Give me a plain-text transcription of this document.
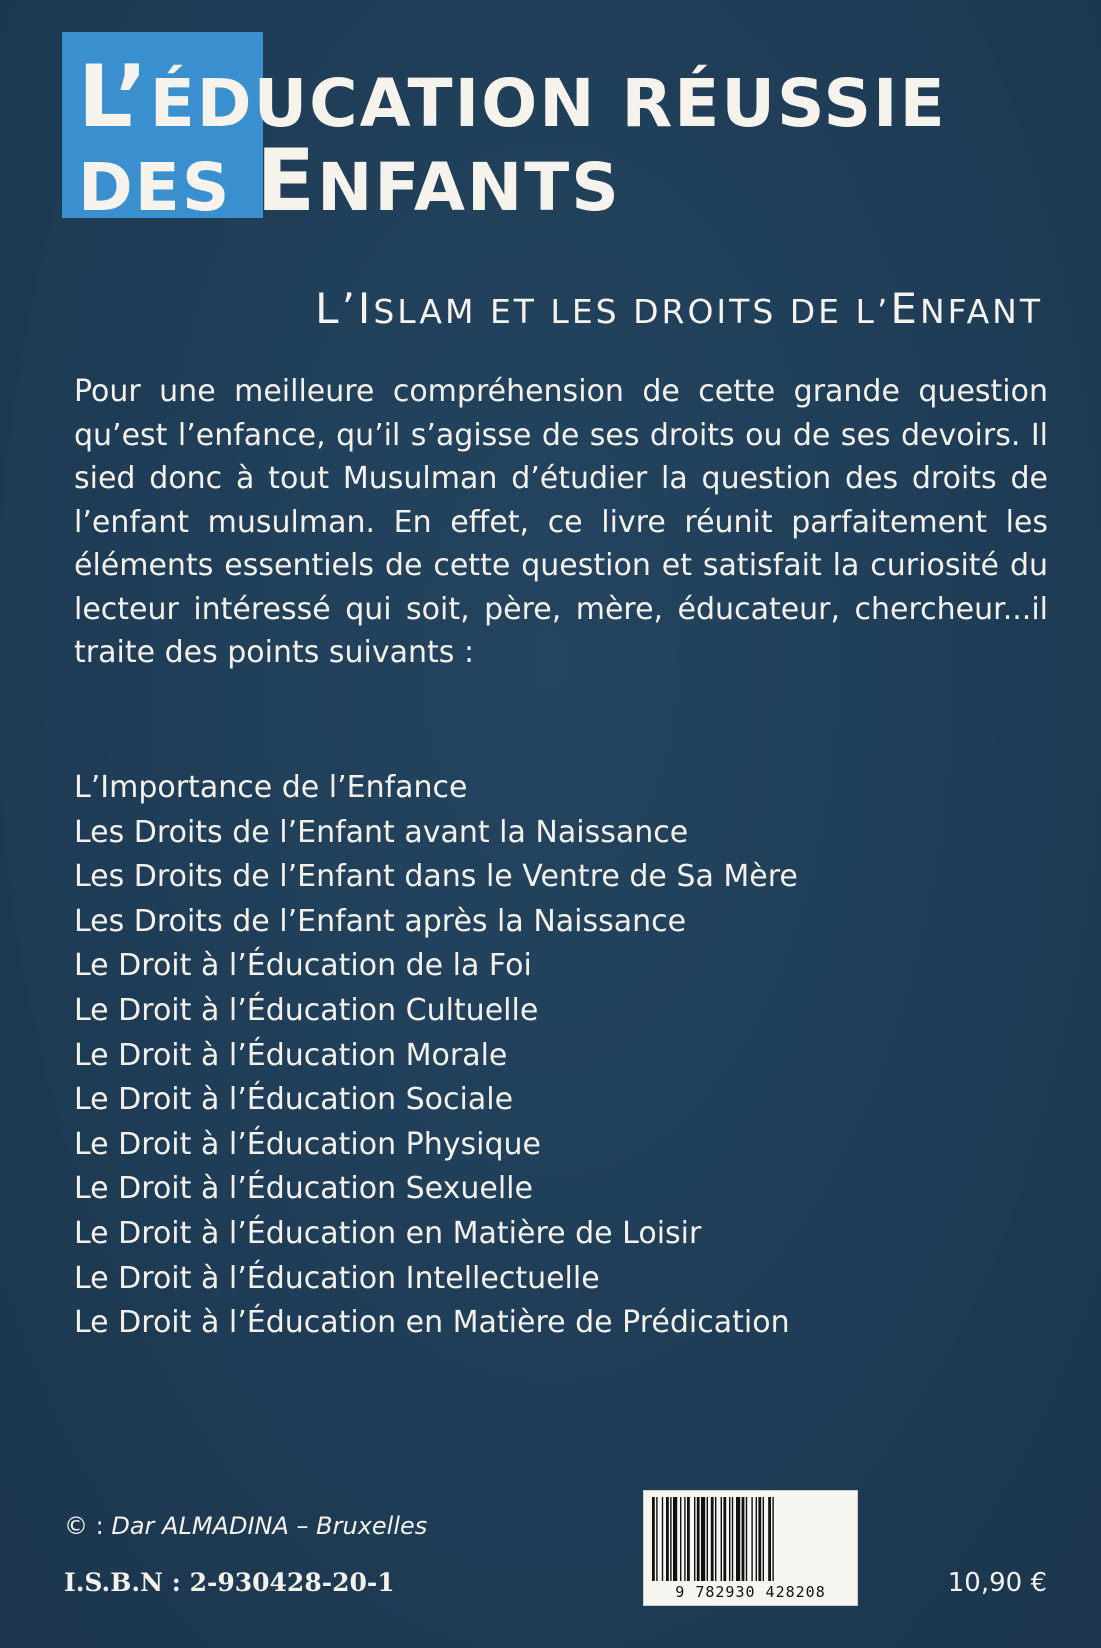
L’ÉDUCATION RÉUSSIE
DES ENFANTS
L’ISLAM ET LES DROITS DE L’ENFANT

Pour une meilleure compréhension de cette grande question qu’est l’enfance, qu’il s’agisse de ses droits ou de ses devoirs. Il sied donc à tout Musulman d’étudier la question des droits de l’enfant musulman. En effet, ce livre réunit parfaitement les éléments essentiels de cette question et satisfait la curiosité du lecteur intéressé qui soit, père, mère, éducateur, chercheur...il traite des points suivants :

L’Importance de l’Enfance
Les Droits de l’Enfant avant la Naissance
Les Droits de l’Enfant dans le Ventre de Sa Mère
Les Droits de l’Enfant après la Naissance
Le Droit à l’Éducation de la Foi
Le Droit à l’Éducation Cultuelle
Le Droit à l’Éducation Morale
Le Droit à l’Éducation Sociale
Le Droit à l’Éducation Physique
Le Droit à l’Éducation Sexuelle
Le Droit à l’Éducation en Matière de Loisir
Le Droit à l’Éducation Intellectuelle
Le Droit à l’Éducation en Matière de Prédication
© : Dar ALMADINA – Bruxelles
I.S.B.N : 2-930428-20-1	9 782930 428208	10,90 €
